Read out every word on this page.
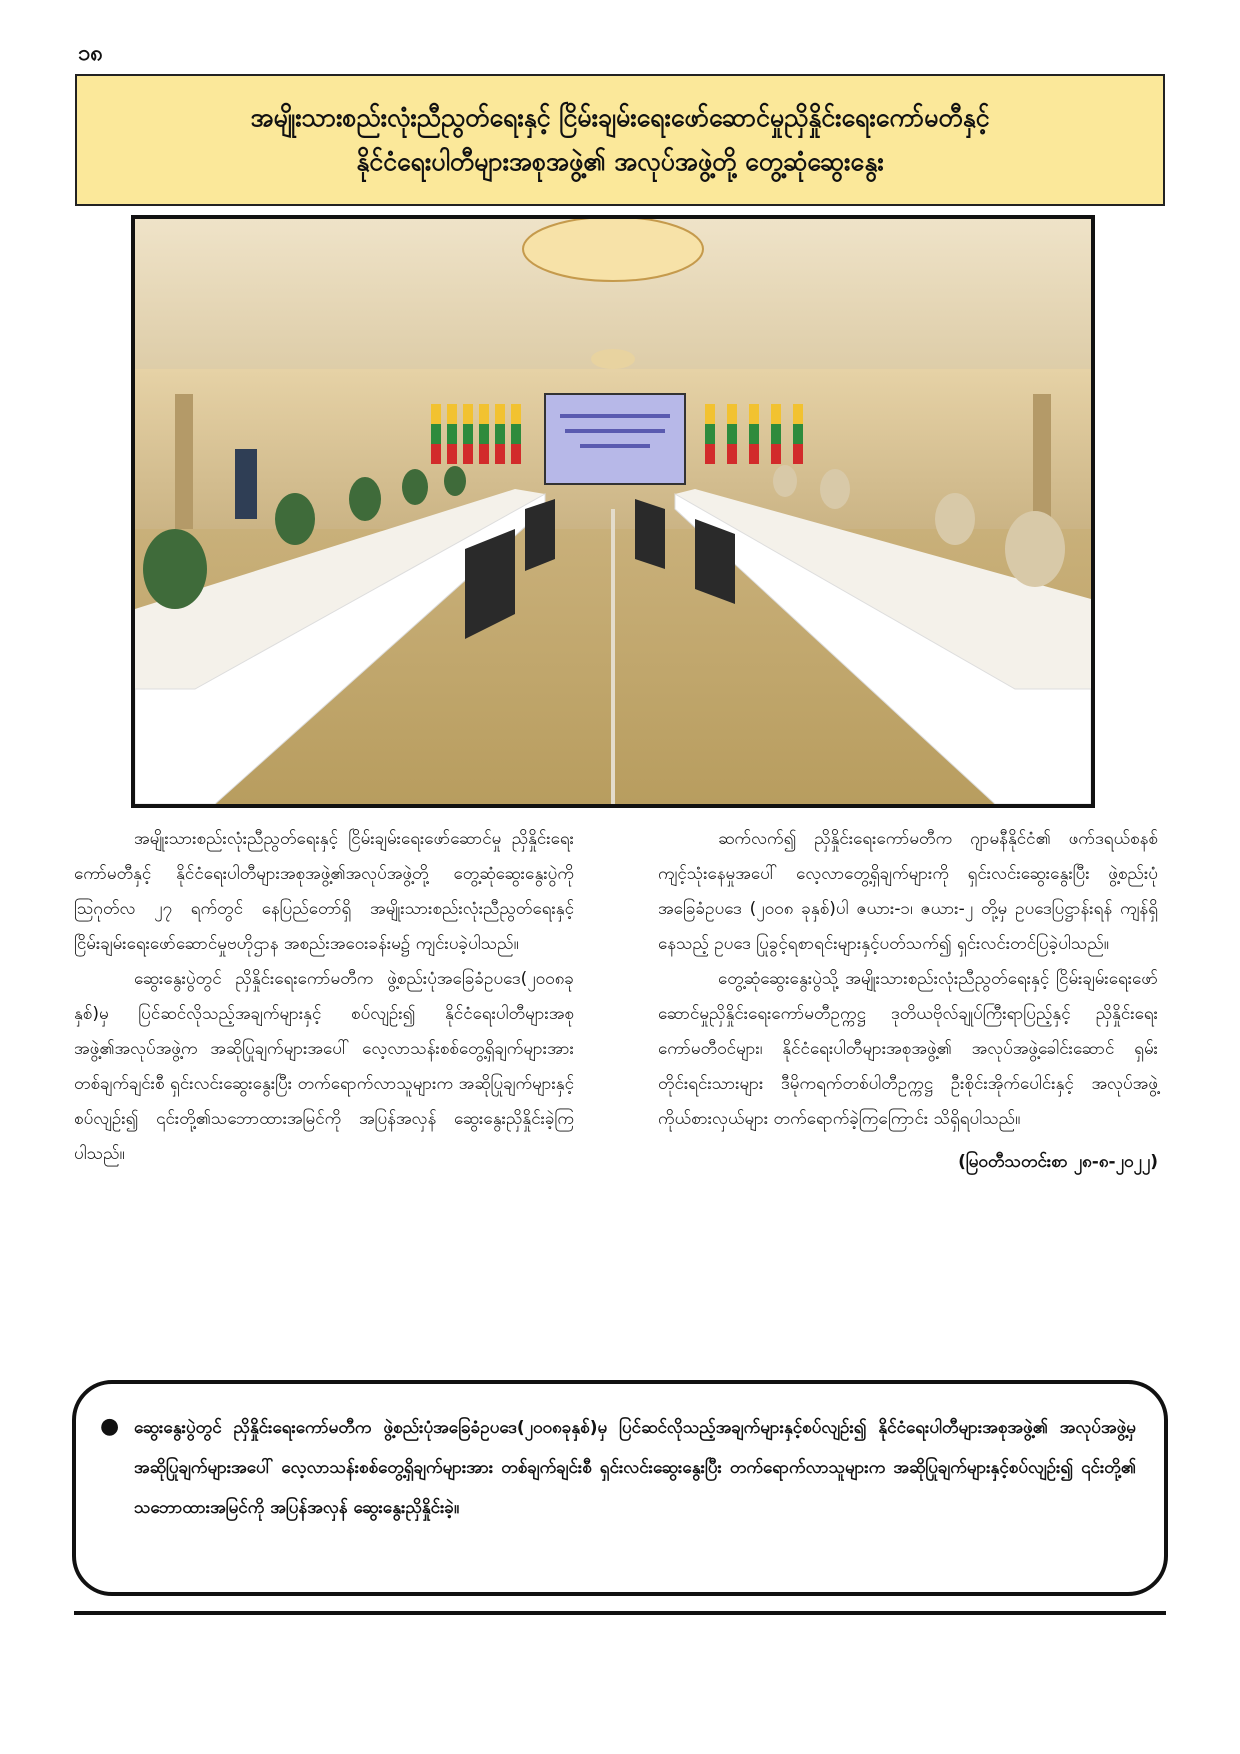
၁၈
အမျိုးသားစည်းလုံးညီညွတ်ရေးနှင့် ငြိမ်းချမ်းရေးဖော်ဆောင်မှုညှိနှိုင်းရေးကော်မတီနှင့်
နိုင်ငံရေးပါတီများအစုအဖွဲ့၏ အလုပ်အဖွဲ့တို့ တွေ့ဆုံဆွေးနွေး

အမျိုးသားစည်းလုံးညီညွတ်ရေးနှင့် ငြိမ်းချမ်းရေးဖော်ဆောင်မှု ညှိနှိုင်းရေးကော်မတီနှင့် နိုင်ငံရေးပါတီများအစုအဖွဲ့၏အလုပ်အဖွဲ့တို့ တွေ့ဆုံဆွေးနွေးပွဲကို ဩဂုတ်လ ၂၇ ရက်တွင် နေပြည်တော်ရှိ အမျိုးသားစည်းလုံးညီညွတ်ရေးနှင့် ငြိမ်းချမ်းရေးဖော်ဆောင်မှုဗဟိုဌာန အစည်းအဝေးခန်းမ၌ ကျင်းပခဲ့ပါသည်။

ဆွေးနွေးပွဲတွင် ညှိနှိုင်းရေးကော်မတီက ဖွဲ့စည်းပုံအခြေခံဥပဒေ(၂၀၀၈ခုနှစ်)မှ ပြင်ဆင်လိုသည့်အချက်များနှင့် စပ်လျဉ်း၍ နိုင်ငံရေးပါတီများအစုအဖွဲ့၏အလုပ်အဖွဲ့က အဆိုပြုချက်များအပေါ် လေ့လာသန်းစစ်တွေ့ရှိချက်များအား တစ်ချက်ချင်းစီ ရှင်းလင်းဆွေးနွေးပြီး တက်ရောက်လာသူများက အဆိုပြုချက်များနှင့်စပ်လျဉ်း၍ ၎င်းတို့၏သဘောထားအမြင်ကို အပြန်အလှန် ဆွေးနွေးညှိနှိုင်းခဲ့ကြပါသည်။

ဆက်လက်၍ ညှိနှိုင်းရေးကော်မတီက ဂျာမနီနိုင်ငံ၏ ဖက်ဒရယ်စနစ်ကျင့်သုံးနေမှုအပေါ် လေ့လာတွေ့ရှိချက်များကို ရှင်းလင်းဆွေးနွေးပြီး ဖွဲ့စည်းပုံအခြေခံဥပဒေ (၂၀၀၈ ခုနှစ်)ပါ ဇယား-၁၊ ဇယား-၂ တို့မှ ဥပဒေပြဋ္ဌာန်းရန် ကျန်ရှိနေသည့် ဥပဒေ ပြုခွင့်ရစာရင်းများနှင့်ပတ်သက်၍ ရှင်းလင်းတင်ပြခဲ့ပါသည်။

တွေ့ဆုံဆွေးနွေးပွဲသို့ အမျိုးသားစည်းလုံးညီညွတ်ရေးနှင့် ငြိမ်းချမ်းရေးဖော်ဆောင်မှုညှိနှိုင်းရေးကော်မတီဥက္ကဋ္ဌ ဒုတိယဗိုလ်ချုပ်ကြီးရာပြည့်နှင့် ညှိနှိုင်းရေးကော်မတီဝင်များ၊ နိုင်ငံရေးပါတီများအစုအဖွဲ့၏ အလုပ်အဖွဲ့ခေါင်းဆောင် ရှမ်းတိုင်းရင်းသားများ ဒီမိုကရက်တစ်ပါတီဥက္ကဋ္ဌ ဦးစိုင်းအိုက်ပေါင်းနှင့် အလုပ်အဖွဲ့ကိုယ်စားလှယ်များ တက်ရောက်ခဲ့ကြကြောင်း သိရှိရပါသည်။

(မြဝတီသတင်းစာ ၂၈-၈-၂၀၂၂)

● ဆွေးနွေးပွဲတွင် ညှိနှိုင်းရေးကော်မတီက ဖွဲ့စည်းပုံအခြေခံဥပဒေ(၂၀၀၈ခုနှစ်)မှ ပြင်ဆင်လိုသည့်အချက်များနှင့်စပ်လျဉ်း၍ နိုင်ငံရေးပါတီများအစုအဖွဲ့၏ အလုပ်အဖွဲ့မှ အဆိုပြုချက်များအပေါ် လေ့လာသန်းစစ်တွေ့ရှိချက်များအား တစ်ချက်ချင်းစီ ရှင်းလင်းဆွေးနွေးပြီး တက်ရောက်လာသူများက အဆိုပြုချက်များနှင့်စပ်လျဉ်း၍ ၎င်းတို့၏ သဘောထားအမြင်ကို အပြန်အလှန် ဆွေးနွေးညှိနှိုင်းခဲ့။
